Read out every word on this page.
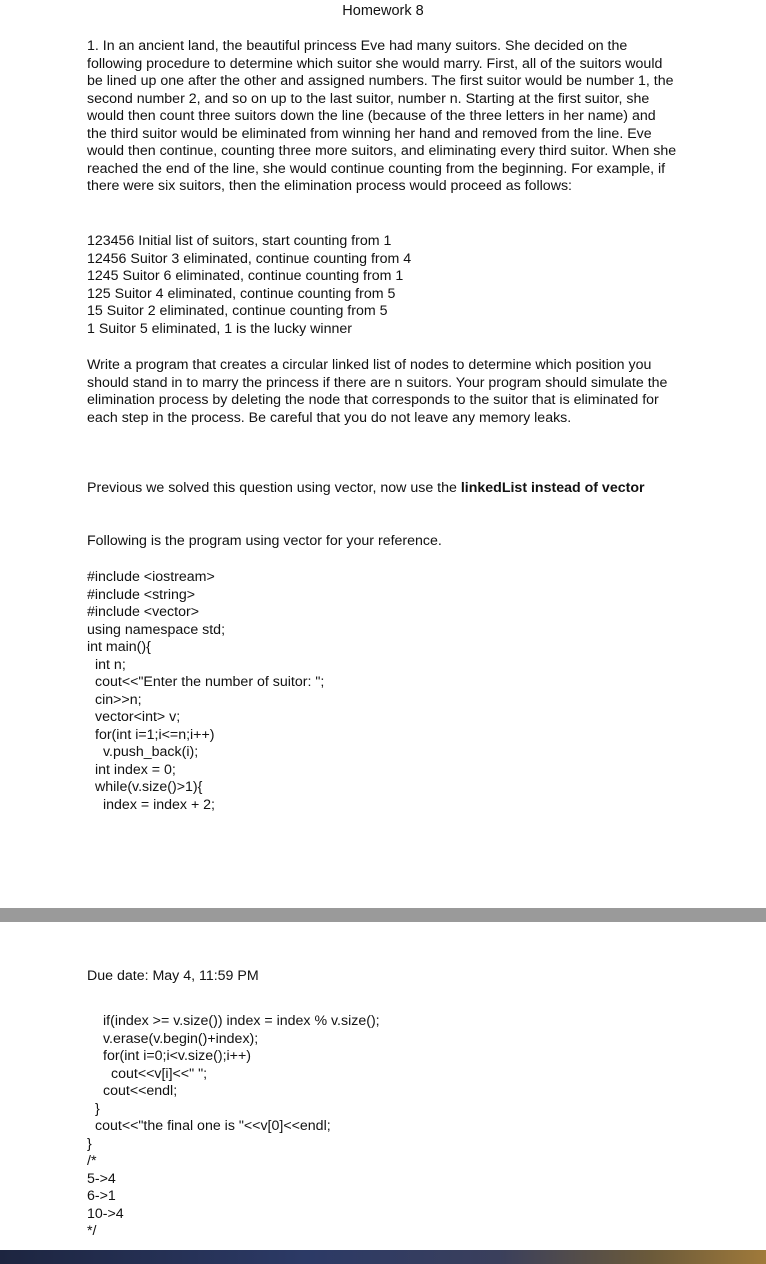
Homework 8
1. In an ancient land, the beautiful princess Eve had many suitors. She decided on the following procedure to determine which suitor she would marry. First, all of the suitors would be lined up one after the other and assigned numbers. The first suitor would be number 1, the second number 2, and so on up to the last suitor, number n. Starting at the first suitor, she would then count three suitors down the line (because of the three letters in her name) and the third suitor would be eliminated from winning her hand and removed from the line. Eve would then continue, counting three more suitors, and eliminating every third suitor. When she reached the end of the line, she would continue counting from the beginning. For example, if there were six suitors, then the elimination process would proceed as follows:
123456 Initial list of suitors, start counting from 1
12456 Suitor 3 eliminated, continue counting from 4
1245 Suitor 6 eliminated, continue counting from 1
125 Suitor 4 eliminated, continue counting from 5
15 Suitor 2 eliminated, continue counting from 5
1 Suitor 5 eliminated, 1 is the lucky winner
Write a program that creates a circular linked list of nodes to determine which position you should stand in to marry the princess if there are n suitors. Your program should simulate the elimination process by deleting the node that corresponds to the suitor that is eliminated for each step in the process. Be careful that you do not leave any memory leaks.
Previous we solved this question using vector, now use the linkedList instead of vector
Following is the program using vector for your reference.
#include <iostream>
#include <string>
#include <vector>
using namespace std;
int main(){
int n;
cout<<"Enter the number of suitor: ";
cin>>n;
vector<int> v;
for(int i=1;i<=n;i++)
v.push_back(i);
int index = 0;
while(v.size()>1){
index = index + 2;
Due date: May 4, 11:59 PM
if(index >= v.size()) index = index % v.size();
v.erase(v.begin()+index);
for(int i=0;i<v.size();i++)
cout<<v[i]<<" ";
cout<<endl;
}
cout<<"the final one is "<<v[0]<<endl;
}
/*
5->4
6->1
10->4
*/
